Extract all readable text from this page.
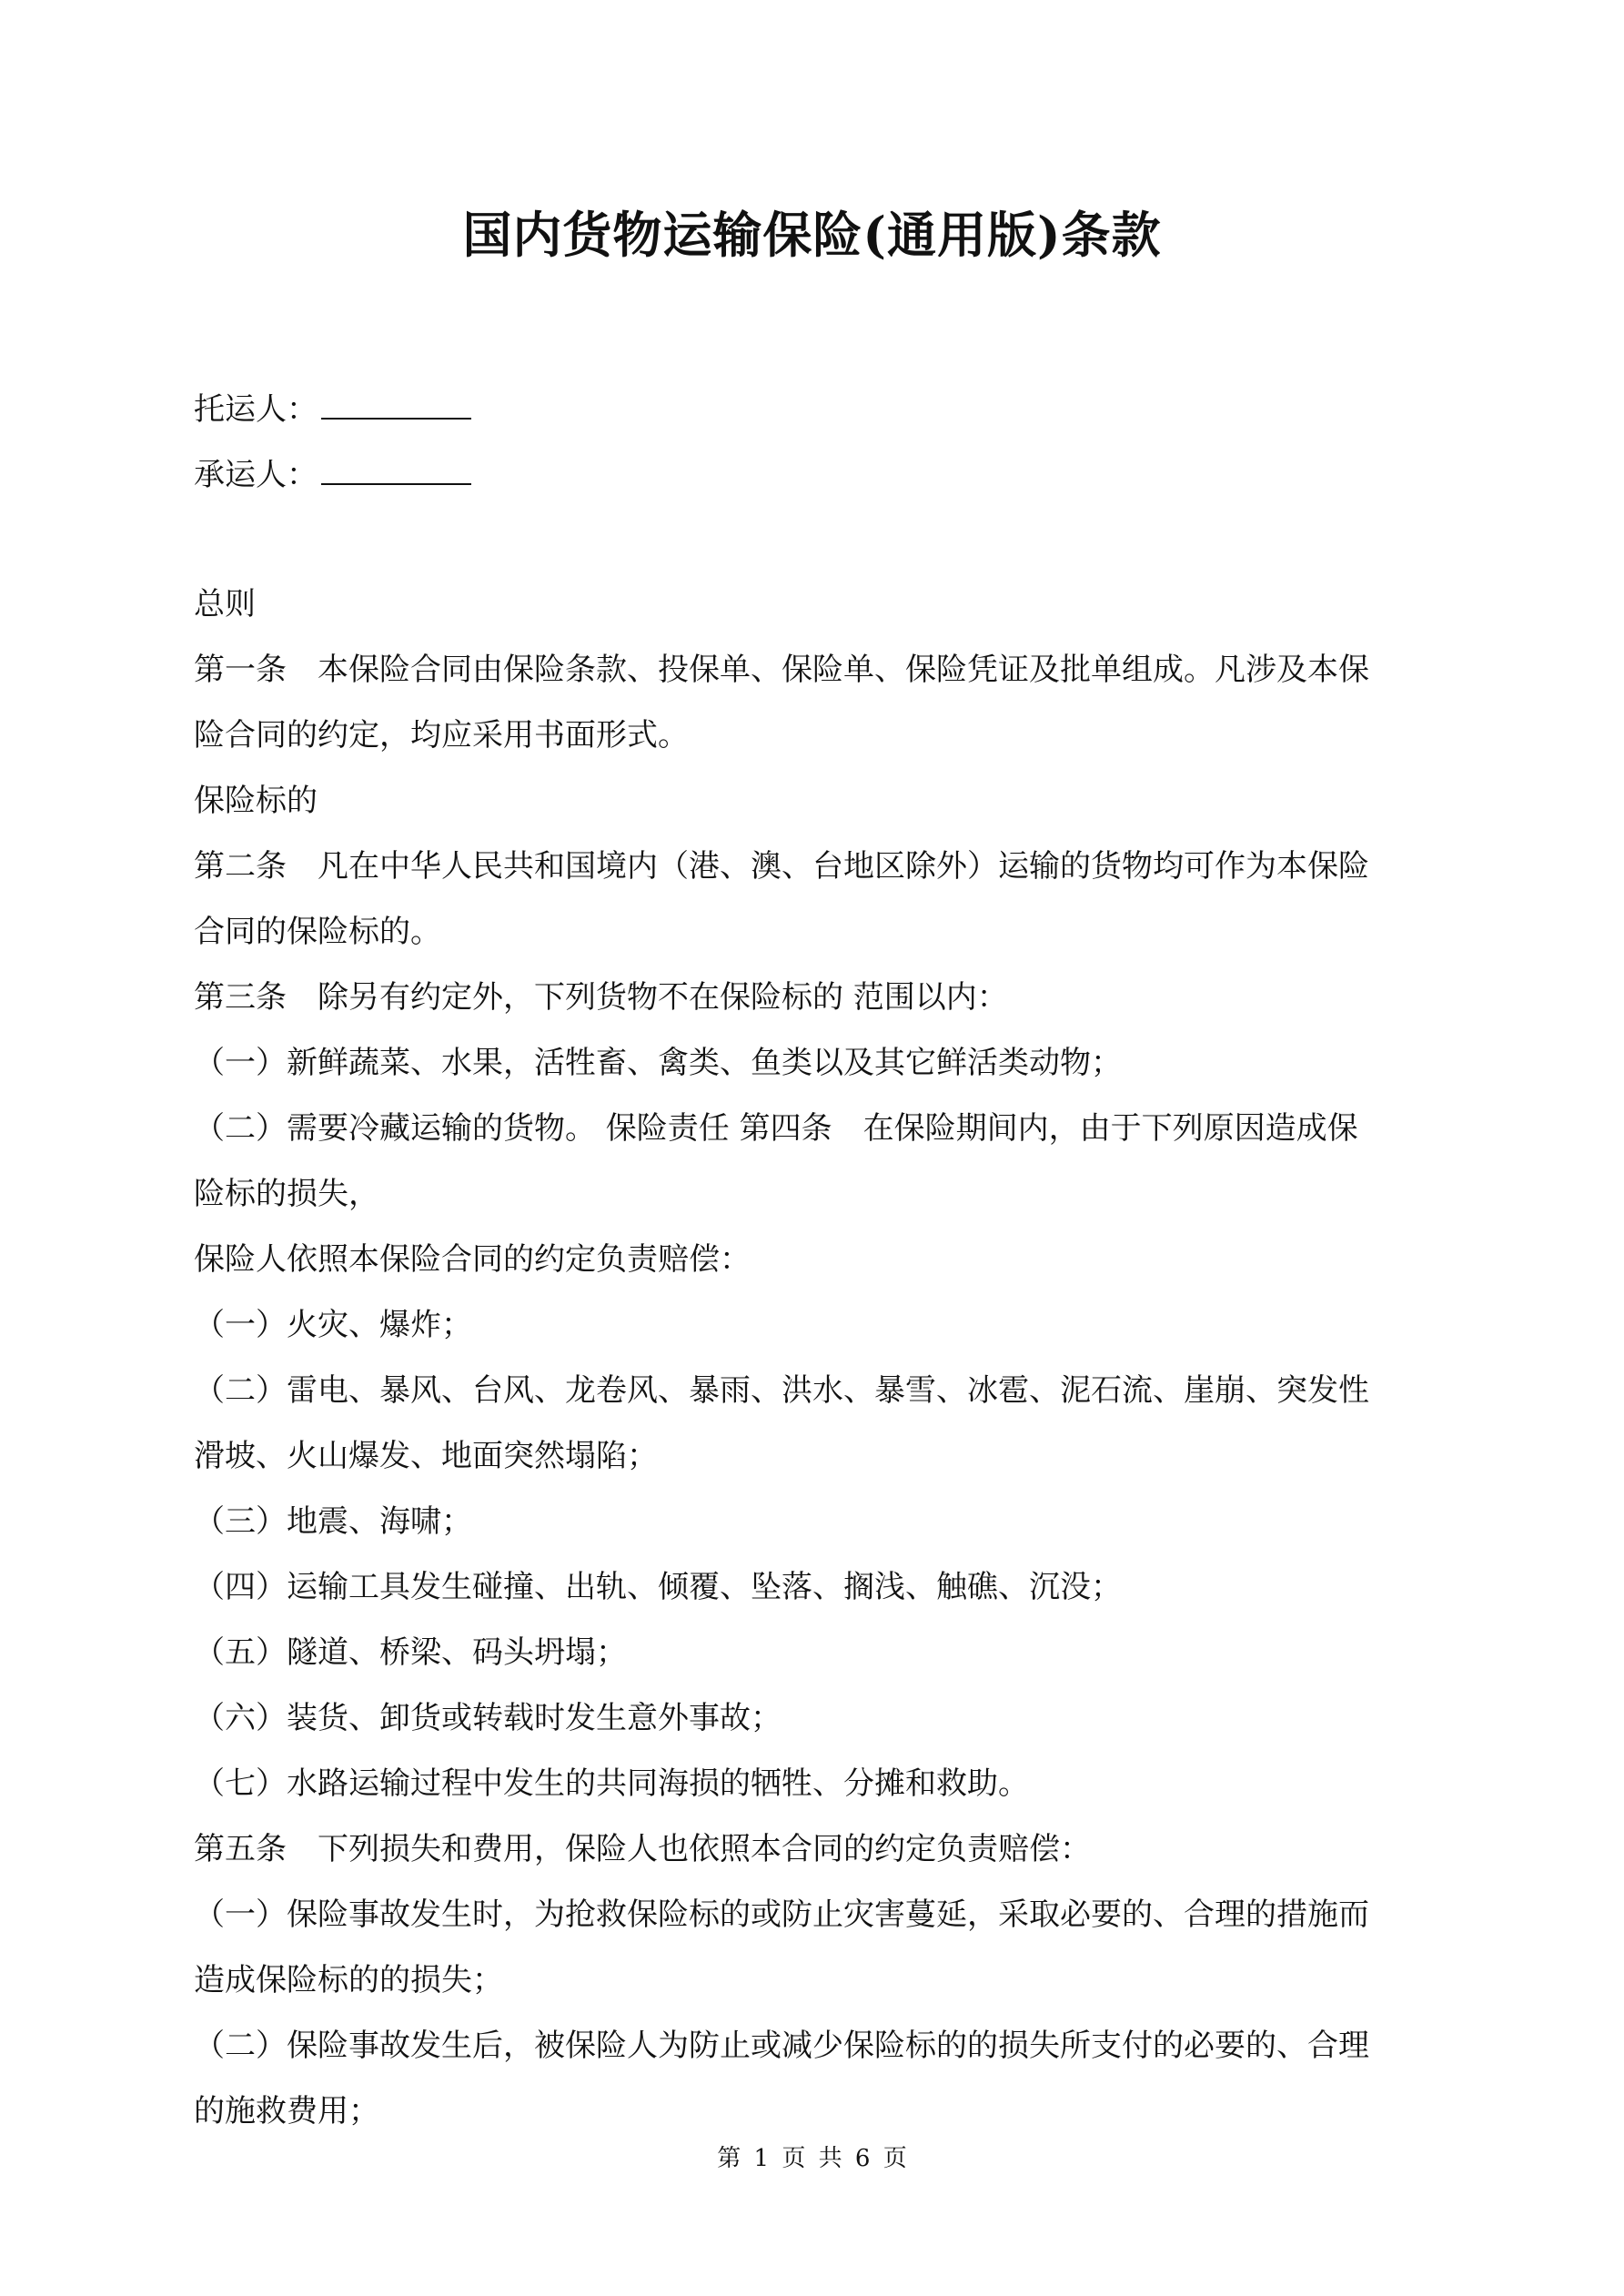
国内货物运输保险(通用版)条款
托运人：
承运人：
总则
第一条　本保险合同由保险条款、投保单、保险单、保险凭证及批单组成。凡涉及本保
险合同的约定，均应采用书面形式。
保险标的
第二条　凡在中华人民共和国境内（港、澳、台地区除外）运输的货物均可作为本保险
合同的保险标的。
第三条　除另有约定外，下列货物不在保险标的 范围以内：
（一）新鲜蔬菜、水果，活牲畜、禽类、鱼类以及其它鲜活类动物；
（二）需要冷藏运输的货物。 保险责任 第四条　在保险期间内，由于下列原因造成保
险标的损失，
保险人依照本保险合同的约定负责赔偿：
（一）火灾、爆炸；
（二）雷电、暴风、台风、龙卷风、暴雨、洪水、暴雪、冰雹、泥石流、崖崩、突发性
滑坡、火山爆发、地面突然塌陷；
（三）地震、海啸；
（四）运输工具发生碰撞、出轨、倾覆、坠落、搁浅、触礁、沉没；
（五）隧道、桥梁、码头坍塌；
（六）装货、卸货或转载时发生意外事故；
（七）水路运输过程中发生的共同海损的牺牲、分摊和救助。
第五条　下列损失和费用，保险人也依照本合同的约定负责赔偿：
（一）保险事故发生时，为抢救保险标的或防止灾害蔓延，采取必要的、合理的措施而
造成保险标的的损失；
（二）保险事故发生后，被保险人为防止或减少保险标的的损失所支付的必要的、合理
的施救费用；
第 1 页 共 6 页
